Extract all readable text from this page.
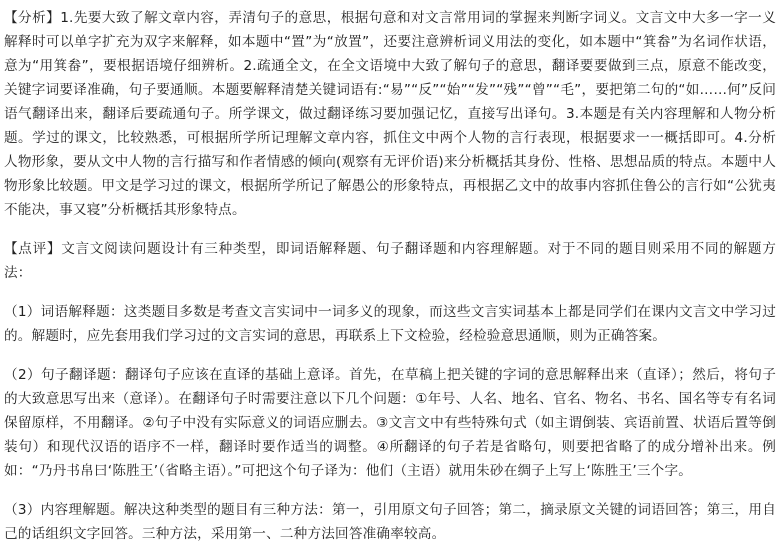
【分析】1.先要大致了解文章内容，弄清句子的意思，根据句意和对文言常用词的掌握来判断字词义。文言文中大多一字一义解释时可以单字扩充为双字来解释，如本题中“置”为“放置”，还要注意辨析词义用法的变化，如本题中“箕畚”为名词作状语，意为“用箕畚”，要根据语境仔细辨析。2.疏通全文，在全文语境中大致了解句子的意思，翻译要要做到三点，原意不能改变，关键字词要译准确，句子要通顺。本题要解释清楚关键词语有:“易”“反”“始”“发”“残”“曾”“毛”，要把第二句的“如……何”反问语气翻译出来，翻译后要疏通句子。所学课文，做过翻译练习要加强记忆，直接写出译句。3.本题是有关内容理解和人物分析题。学过的课文，比较熟悉，可根据所学所记理解文章内容，抓住文中两个人物的言行表现，根据要求一一概括即可。4.分析人物形象，要从文中人物的言行描写和作者情感的倾向(观察有无评价语)来分析概括其身份、性格、思想品质的特点。本题中人物形象比较题。甲文是学习过的课文，根据所学所记了解愚公的形象特点，再根据乙文中的故事内容抓住鲁公的言行如“公犹夷不能决，事又寝”分析概括其形象特点。

【点评】文言文阅读问题设计有三种类型，即词语解释题、句子翻译题和内容理解题。对于不同的题目则采用不同的解题方法：

（1）词语解释题：这类题目多数是考查文言实词中一词多义的现象，而这些文言实词基本上都是同学们在课内文言文中学习过的。解题时，应先套用我们学习过的文言实词的意思，再联系上下文检验，经检验意思通顺，则为正确答案。

（2）句子翻译题：翻译句子应该在直译的基础上意译。首先，在草稿上把关键的字词的意思解释出来（直译）；然后，将句子的大致意思写出来（意译）。在翻译句子时需要注意以下几个问题：①年号、人名、地名、官名、物名、书名、国名等专有名词保留原样，不用翻译。②句子中没有实际意义的词语应删去。③文言文中有些特殊句式（如主谓倒装、宾语前置、状语后置等倒装句）和现代汉语的语序不一样，翻译时要作适当的调整。④所翻译的句子若是省略句，则要把省略了的成分增补出来。例如：“乃丹书帛曰‘陈胜王’（省略主语）。”可把这个句子译为：他们（主语）就用朱砂在绸子上写上‘陈胜王’三个字。

（3）内容理解题。解决这种类型的题目有三种方法：第一，引用原文句子回答；第二，摘录原文关键的词语回答；第三，用自己的话组织文字回答。三种方法，采用第一、二种方法回答准确率较高。
